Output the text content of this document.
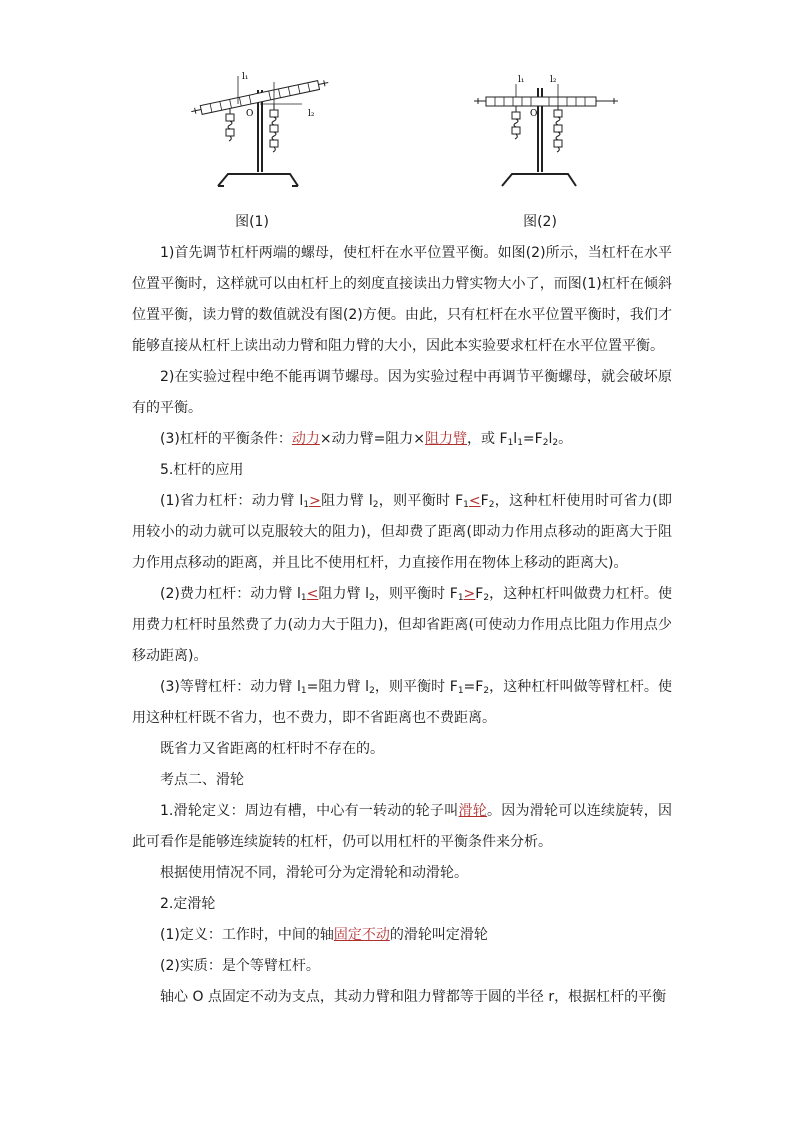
l₁
l₂
O
图(1)
l₁	l₂
O
图(2)

1)首先调节杠杆两端的螺母，使杠杆在水平位置平衡。如图(2)所示，当杠杆在水平位置平衡时，这样就可以由杠杆上的刻度直接读出力臂实物大小了，而图(1)杠杆在倾斜位置平衡，读力臂的数值就没有图(2)方便。由此，只有杠杆在水平位置平衡时，我们才能够直接从杠杆上读出动力臂和阻力臂的大小，因此本实验要求杠杆在水平位置平衡。

2)在实验过程中绝不能再调节螺母。因为实验过程中再调节平衡螺母，就会破坏原有的平衡。

(3)杠杆的平衡条件：动力×动力臂=阻力×阻力臂，或 $F_1l_1=F_2l_2$。

5.杠杆的应用

(1)省力杠杆：动力臂 $l_1>$阻力臂 $l_2$，则平衡时 $F_1<F_2$，这种杠杆使用时可省力(即用较小的动力就可以克服较大的阻力)，但却费了距离(即动力作用点移动的距离大于阻力作用点移动的距离，并且比不使用杠杆，力直接作用在物体上移动的距离大)。

(2)费力杠杆：动力臂 $l_1<$阻力臂 $l_2$，则平衡时 $F_1>F_2$，这种杠杆叫做费力杠杆。使用费力杠杆时虽然费了力(动力大于阻力)，但却省距离(可使动力作用点比阻力作用点少移动距离)。

(3)等臂杠杆：动力臂 $l_1=$阻力臂 $l_2$，则平衡时 $F_1=F_2$，这种杠杆叫做等臂杠杆。使用这种杠杆既不省力，也不费力，即不省距离也不费距离。

既省力又省距离的杠杆时不存在的。

考点二、滑轮

1.滑轮定义：周边有槽，中心有一转动的轮子叫滑轮。因为滑轮可以连续旋转，因此可看作是能够连续旋转的杠杆，仍可以用杠杆的平衡条件来分析。

根据使用情况不同，滑轮可分为定滑轮和动滑轮。

2.定滑轮

(1)定义：工作时，中间的轴固定不动的滑轮叫定滑轮

(2)实质：是个等臂杠杆。

轴心 O 点固定不动为支点，其动力臂和阻力臂都等于圆的半径 r，根据杠杆的平衡
